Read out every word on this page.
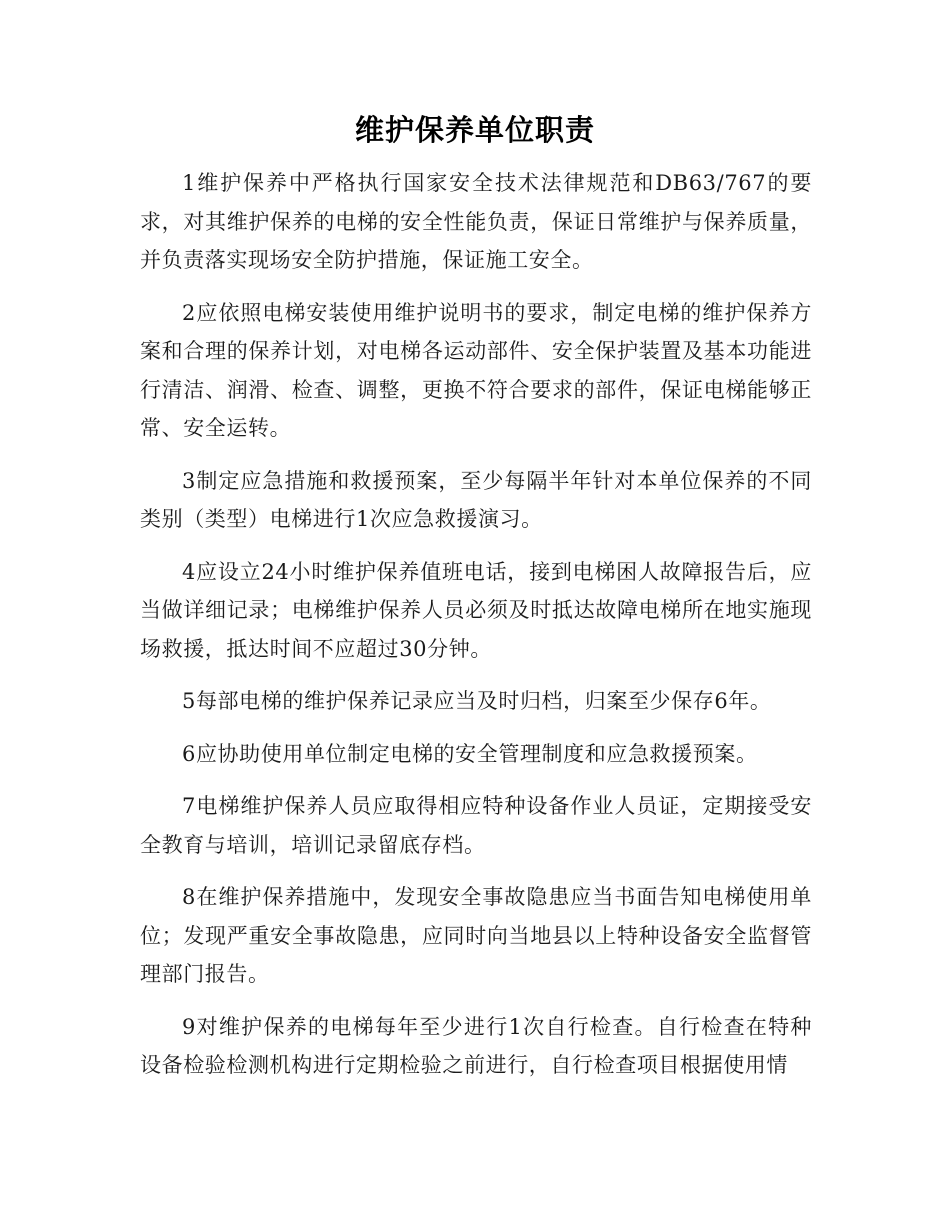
维护保养单位职责

1维护保养中严格执行国家安全技术法律规范和DB63/767的要求，对其维护保养的电梯的安全性能负责，保证日常维护与保养质量，并负责落实现场安全防护措施，保证施工安全。

2应依照电梯安装使用维护说明书的要求，制定电梯的维护保养方案和合理的保养计划，对电梯各运动部件、安全保护装置及基本功能进行清洁、润滑、检查、调整，更换不符合要求的部件，保证电梯能够正常、安全运转。

3制定应急措施和救援预案，至少每隔半年针对本单位保养的不同类别（类型）电梯进行1次应急救援演习。

4应设立24小时维护保养值班电话，接到电梯困人故障报告后，应当做详细记录；电梯维护保养人员必须及时抵达故障电梯所在地实施现场救援，抵达时间不应超过30分钟。

5每部电梯的维护保养记录应当及时归档，归案至少保存6年。

6应协助使用单位制定电梯的安全管理制度和应急救援预案。

7电梯维护保养人员应取得相应特种设备作业人员证，定期接受安全教育与培训，培训记录留底存档。

8在维护保养措施中，发现安全事故隐患应当书面告知电梯使用单位；发现严重安全事故隐患，应同时向当地县以上特种设备安全监督管理部门报告。

9对维护保养的电梯每年至少进行1次自行检查。自行检查在特种设备检验检测机构进行定期检验之前进行，自行检查项目根据使用情
